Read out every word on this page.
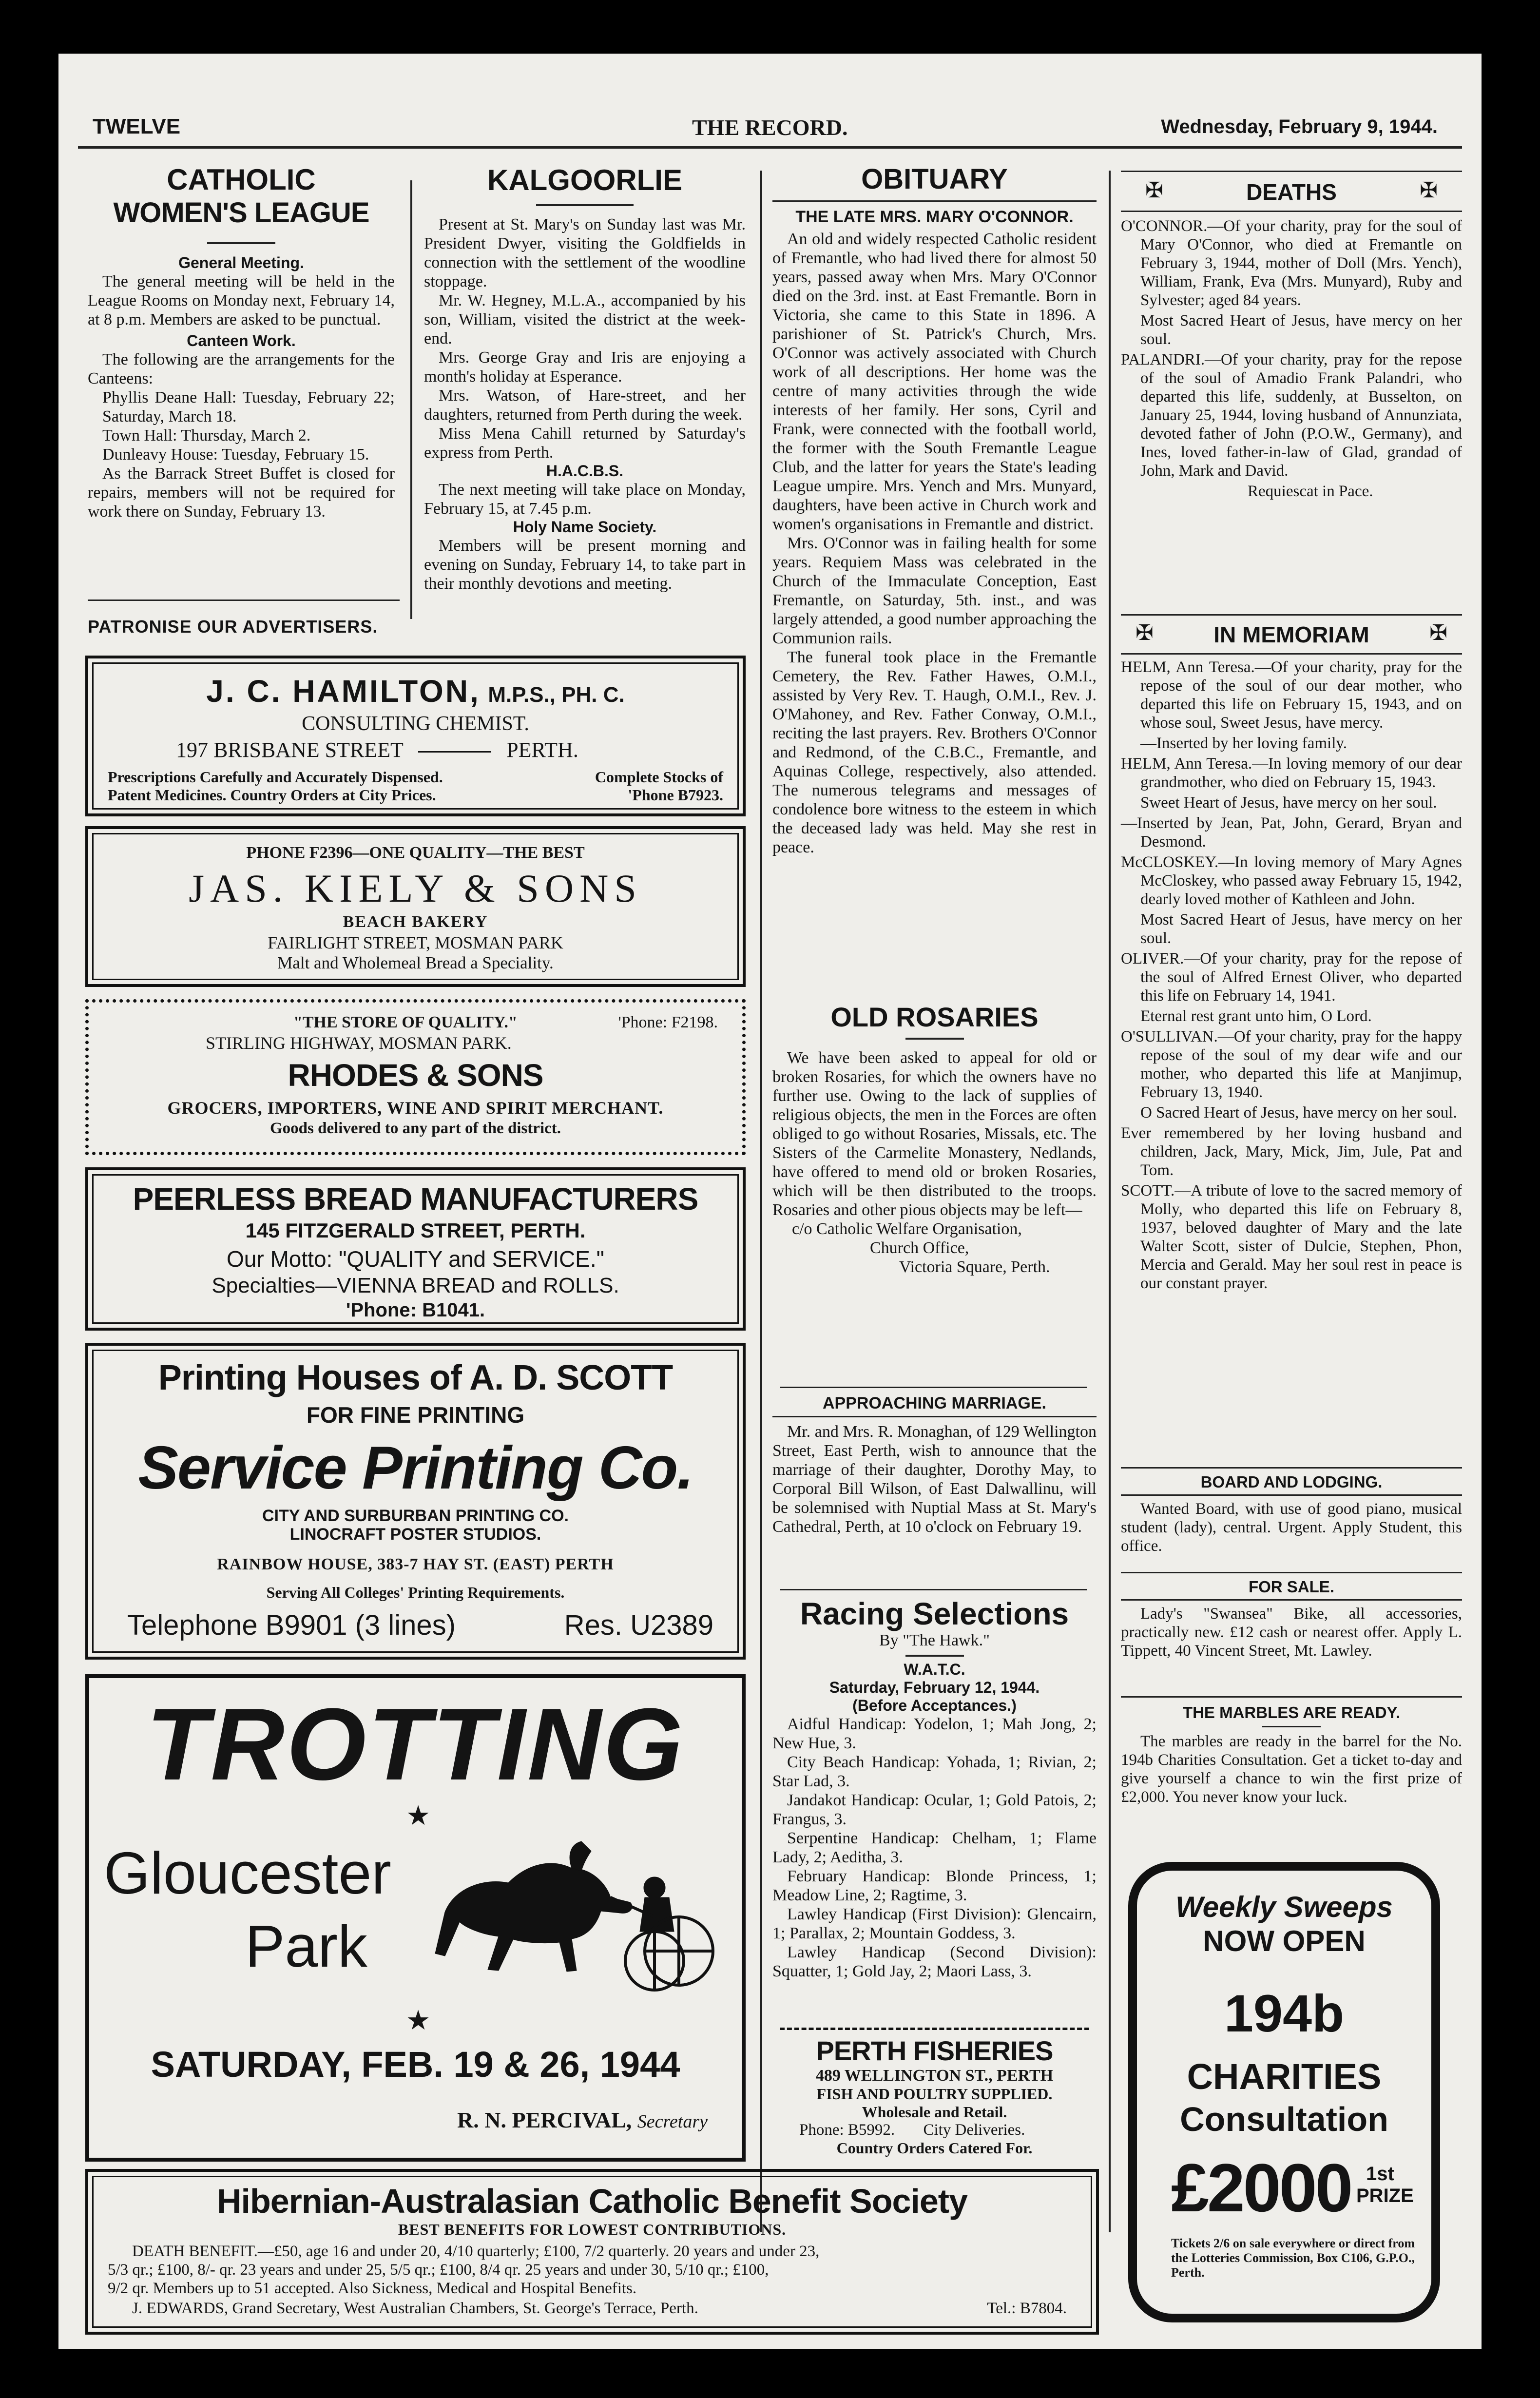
TWELVE	THE RECORD.	Wednesday, February 9, 1944.
CATHOLIC
WOMEN'S LEAGUE
General Meeting.
The general meeting will be held in the League Rooms on Monday next, February 14, at 8 p.m. Members are asked to be punctual.
Canteen Work.
The following are the arrangements for the Canteens:
Phyllis Deane Hall: Tuesday, February 22; Saturday, March 18.
Town Hall: Thursday, March 2.
Dunleavy House: Tuesday, February 15.
As the Barrack Street Buffet is closed for repairs, members will not be required for work there on Sunday, February 13.
PATRONISE OUR ADVERTISERS.
KALGOORLIE
Present at St. Mary's on Sunday last was Mr. President Dwyer, visiting the Goldfields in connection with the settlement of the woodline stoppage.
Mr. W. Hegney, M.L.A., accompanied by his son, William, visited the district at the week-end.
Mrs. George Gray and Iris are enjoying a month's holiday at Esperance.
Mrs. Watson, of Hare-street, and her daughters, returned from Perth during the week.
Miss Mena Cahill returned by Saturday's express from Perth.
H.A.C.B.S.
The next meeting will take place on Monday, February 15, at 7.45 p.m.
Holy Name Society.
Members will be present morning and evening on Sunday, February 14, to take part in their monthly devotions and meeting.
J. C. HAMILTON, M.P.S., PH. C.
CONSULTING CHEMIST.
197 BRISBANE STREET	PERTH.
Prescriptions Carefully and Accurately Dispensed.	Complete Stocks of
Patent Medicines. Country Orders at City Prices.	'Phone B7923.
PHONE F2396—ONE QUALITY—THE BEST
JAS. KIELY & SONS
BEACH BAKERY
FAIRLIGHT STREET, MOSMAN PARK
Malt and Wholemeal Bread a Speciality.
"THE STORE OF QUALITY."	'Phone: F2198.
STIRLING HIGHWAY, MOSMAN PARK.
RHODES & SONS
GROCERS, IMPORTERS, WINE AND SPIRIT MERCHANT.
Goods delivered to any part of the district.
PEERLESS BREAD MANUFACTURERS
145 FITZGERALD STREET, PERTH.
Our Motto: "QUALITY and SERVICE."
Specialties—VIENNA BREAD and ROLLS.
'Phone: B1041.
Printing Houses of A. D. SCOTT
FOR FINE PRINTING
Service Printing Co.
CITY AND SURBURBAN PRINTING CO.
LINOCRAFT POSTER STUDIOS.
RAINBOW HOUSE, 383-7 HAY ST. (EAST) PERTH
Serving All Colleges' Printing Requirements.
Telephone B9901 (3 lines)	Res. U2389
TROTTING
★
Gloucester
Park
★
SATURDAY, FEB. 19 & 26, 1944
R. N. PERCIVAL, Secretary
Hibernian-Australasian Catholic Benefit Society
BEST BENEFITS FOR LOWEST CONTRIBUTIONS.
DEATH BENEFIT.—£50, age 16 and under 20, 4/10 quarterly; £100, 7/2 quarterly. 20 years and under 23,
5/3 qr.; £100, 8/- qr. 23 years and under 25, 5/5 qr.; £100, 8/4 qr. 25 years and under 30, 5/10 qr.; £100,
9/2 qr. Members up to 51 accepted. Also Sickness, Medical and Hospital Benefits.
J. EDWARDS, Grand Secretary, West Australian Chambers, St. George's Terrace, Perth.	Tel.: B7804.
OBITUARY
THE LATE MRS. MARY O'CONNOR.
An old and widely respected Catholic resident of Fremantle, who had lived there for almost 50 years, passed away when Mrs. Mary O'Connor died on the 3rd. inst. at East Fremantle. Born in Victoria, she came to this State in 1896. A parishioner of St. Patrick's Church, Mrs. O'Connor was actively associated with Church work of all descriptions. Her home was the centre of many activities through the wide interests of her family. Her sons, Cyril and Frank, were connected with the football world, the former with the South Fremantle League Club, and the latter for years the State's leading League umpire. Mrs. Yench and Mrs. Munyard, daughters, have been active in Church work and women's organisations in Fremantle and district.
Mrs. O'Connor was in failing health for some years. Requiem Mass was celebrated in the Church of the Immaculate Conception, East Fremantle, on Saturday, 5th. inst., and was largely attended, a good number approaching the Communion rails.
The funeral took place in the Fremantle Cemetery, the Rev. Father Hawes, O.M.I., assisted by Very Rev. T. Haugh, O.M.I., Rev. J. O'Mahoney, and Rev. Father Conway, O.M.I., reciting the last prayers. Rev. Brothers O'Connor and Redmond, of the C.B.C., Fremantle, and Aquinas College, respectively, also attended. The numerous telegrams and messages of condolence bore witness to the esteem in which the deceased lady was held. May she rest in peace.
OLD ROSARIES
We have been asked to appeal for old or broken Rosaries, for which the owners have no further use. Owing to the lack of supplies of religious objects, the men in the Forces are often obliged to go without Rosaries, Missals, etc. The Sisters of the Carmelite Monastery, Nedlands, have offered to mend old or broken Rosaries, which will be then distributed to the troops. Rosaries and other pious objects may be left—
c/o Catholic Welfare Organisation,
Church Office,
Victoria Square, Perth.
APPROACHING MARRIAGE.
Mr. and Mrs. R. Monaghan, of 129 Wellington Street, East Perth, wish to announce that the marriage of their daughter, Dorothy May, to Corporal Bill Wilson, of East Dalwallinu, will be solemnised with Nuptial Mass at St. Mary's Cathedral, Perth, at 10 o'clock on February 19.
Racing Selections
By "The Hawk."
W.A.T.C.
Saturday, February 12, 1944.
(Before Acceptances.)
Aidful Handicap: Yodelon, 1; Mah Jong, 2; New Hue, 3.
City Beach Handicap: Yohada, 1; Rivian, 2; Star Lad, 3.
Jandakot Handicap: Ocular, 1; Gold Patois, 2; Frangus, 3.
Serpentine Handicap: Chelham, 1; Flame Lady, 2; Aeditha, 3.
February Handicap: Blonde Princess, 1; Meadow Line, 2; Ragtime, 3.
Lawley Handicap (First Division): Glencairn, 1; Parallax, 2; Mountain Goddess, 3.
Lawley Handicap (Second Division): Squatter, 1; Gold Jay, 2; Maori Lass, 3.
PERTH FISHERIES
489 WELLINGTON ST., PERTH
FISH AND POULTRY SUPPLIED.
Wholesale and Retail.
Phone: B5992. City Deliveries.
Country Orders Catered For.
✠	DEATHS	✠

O'CONNOR.—Of your charity, pray for the soul of Mary O'Connor, who died at Fremantle on February 3, 1944, mother of Doll (Mrs. Yench), William, Frank, Eva (Mrs. Munyard), Ruby and Sylvester; aged 84 years.

Most Sacred Heart of Jesus, have mercy on her soul.

PALANDRI.—Of your charity, pray for the repose of the soul of Amadio Frank Palandri, who departed this life, suddenly, at Busselton, on January 25, 1944, loving husband of Annunziata, devoted father of John (P.O.W., Germany), and Ines, loved father-in-law of Glad, grandad of John, Mark and David.

Requiescat in Pace.

✠	IN MEMORIAM	✠

HELM, Ann Teresa.—Of your charity, pray for the repose of the soul of our dear mother, who departed this life on February 15, 1943, and on whose soul, Sweet Jesus, have mercy.

—Inserted by her loving family.

HELM, Ann Teresa.—In loving memory of our dear grandmother, who died on February 15, 1943.

Sweet Heart of Jesus, have mercy on her soul.

—Inserted by Jean, Pat, John, Gerard, Bryan and Desmond.

McCLOSKEY.—In loving memory of Mary Agnes McCloskey, who passed away February 15, 1942, dearly loved mother of Kathleen and John.

Most Sacred Heart of Jesus, have mercy on her soul.

OLIVER.—Of your charity, pray for the repose of the soul of Alfred Ernest Oliver, who departed this life on February 14, 1941.

Eternal rest grant unto him, O Lord.

O'SULLIVAN.—Of your charity, pray for the happy repose of the soul of my dear wife and our mother, who departed this life at Manjimup, February 13, 1940.

O Sacred Heart of Jesus, have mercy on her soul.

Ever remembered by her loving husband and children, Jack, Mary, Mick, Jim, Jule, Pat and Tom.

SCOTT.—A tribute of love to the sacred memory of Molly, who departed this life on February 8, 1937, beloved daughter of Mary and the late Walter Scott, sister of Dulcie, Stephen, Phon, Mercia and Gerald. May her soul rest in peace is our constant prayer.

BOARD AND LODGING.
Wanted Board, with use of good piano, musical student (lady), central. Urgent. Apply Student, this office.
FOR SALE.
Lady's "Swansea" Bike, all accessories, practically new. £12 cash or nearest offer. Apply L. Tippett, 40 Vincent Street, Mt. Lawley.
THE MARBLES ARE READY.
The marbles are ready in the barrel for the No. 194b Charities Consultation. Get a ticket to-day and give yourself a chance to win the first prize of £2,000. You never know your luck.
Weekly Sweeps
NOW OPEN
194b
CHARITIES
Consultation
£2000 1st
PRIZE
Tickets 2/6 on sale everywhere or direct from the Lotteries Commission, Box C106, G.P.O., Perth.
